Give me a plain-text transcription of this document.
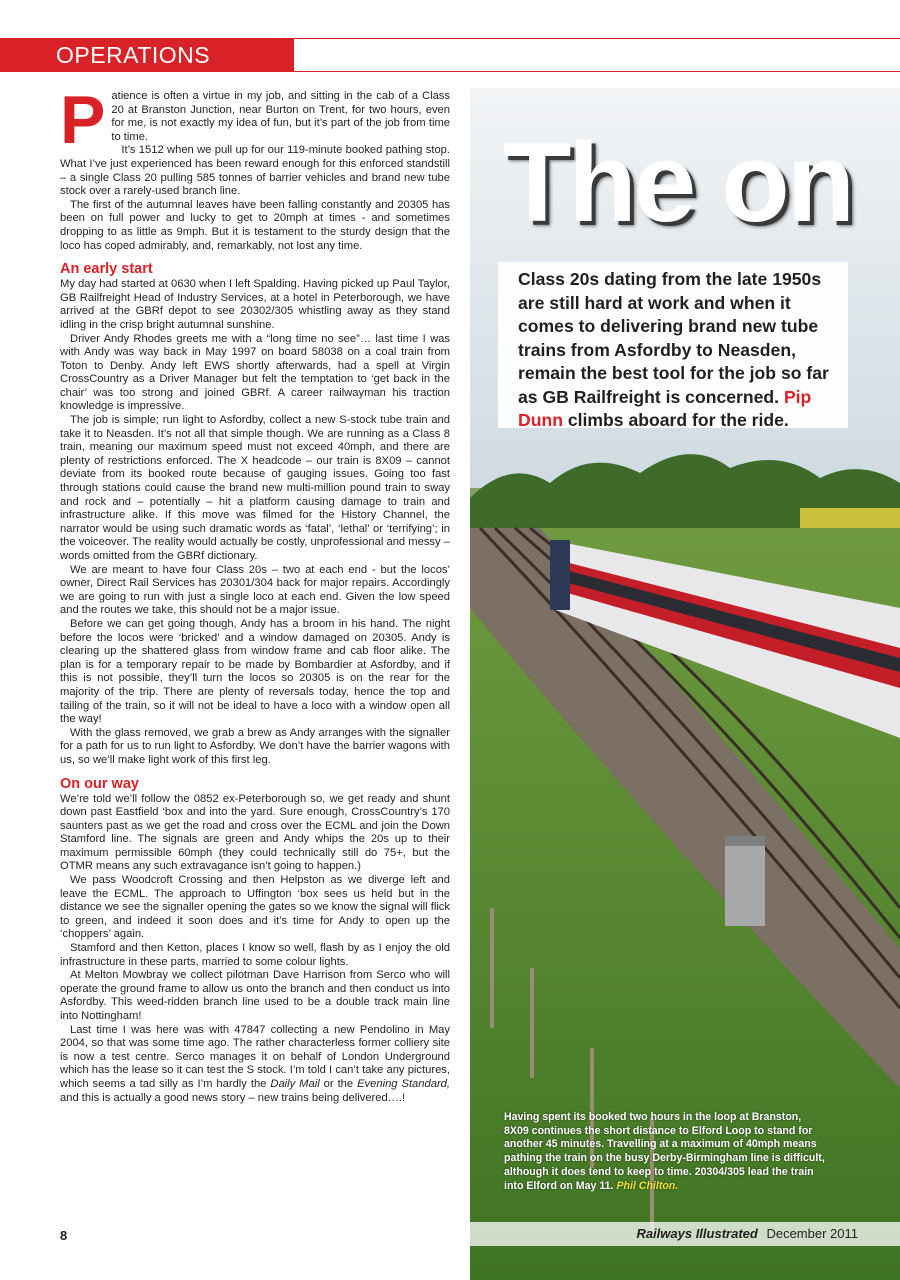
OPERATIONS
The on
Class 20s dating from the late 1950s are still hard at work and when it comes to delivering brand new tube trains from Asfordby to Neasden, remain the best tool for the job so far as GB Railfreight is concerned. Pip Dunn climbs aboard for the ride.
Having spent its booked two hours in the loop at Branston, 8X09 continues the short distance to Elford Loop to stand for another 45 minutes. Travelling at a maximum of 40mph means pathing the train on the busy Derby-Birmingham line is difficult, although it does tend to keep to time. 20304/305 lead the train into Elford on May 11. Phil Chilton.

Patience is often a virtue in my job, and sitting in the cab of a Class 20 at Branston Junction, near Burton on Trent, for two hours, even for me, is not exactly my idea of fun, but it’s part of the job from time to time.

It’s 1512 when we pull up for our 119-minute booked pathing stop. What I’ve just experienced has been reward enough for this enforced standstill – a single Class 20 pulling 585 tonnes of barrier vehicles and brand new tube stock over a rarely-used branch line.

The first of the autumnal leaves have been falling constantly and 20305 has been on full power and lucky to get to 20mph at times - and sometimes dropping to as little as 9mph. But it is testament to the sturdy design that the loco has coped admirably, and, remarkably, not lost any time.

An early start

My day had started at 0630 when I left Spalding. Having picked up Paul Taylor, GB Railfreight Head of Industry Services, at a hotel in Peterborough, we have arrived at the GBRf depot to see 20302/305 whistling away as they stand idling in the crisp bright autumnal sunshine.

Driver Andy Rhodes greets me with a “long time no see”… last time I was with Andy was way back in May 1997 on board 58038 on a coal train from Toton to Denby. Andy left EWS shortly afterwards, had a spell at Virgin CrossCountry as a Driver Manager but felt the temptation to ‘get back in the chair’ was too strong and joined GBRf. A career railwayman his traction knowledge is impressive.

The job is simple; run light to Asfordby, collect a new S-stock tube train and take it to Neasden. It’s not all that simple though. We are running as a Class 8 train, meaning our maximum speed must not exceed 40mph, and there are plenty of restrictions enforced. The X headcode – our train is 8X09 – cannot deviate from its booked route because of gauging issues. Going too fast through stations could cause the brand new multi-million pound train to sway and rock and – potentially – hit a platform causing damage to train and infrastructure alike. If this move was filmed for the History Channel, the narrator would be using such dramatic words as ‘fatal’, ‘lethal’ or ‘terrifying’; in the voiceover. The reality would actually be costly, unprofessional and messy – words omitted from the GBRf dictionary.

We are meant to have four Class 20s – two at each end - but the locos’ owner, Direct Rail Services has 20301/304 back for major repairs. Accordingly we are going to run with just a single loco at each end. Given the low speed and the routes we take, this should not be a major issue.

Before we can get going though, Andy has a broom in his hand. The night before the locos were ‘bricked’ and a window damaged on 20305. Andy is clearing up the shattered glass from window frame and cab floor alike. The plan is for a temporary repair to be made by Bombardier at Asfordby, and if this is not possible, they’ll turn the locos so 20305 is on the rear for the majority of the trip. There are plenty of reversals today, hence the top and tailing of the train, so it will not be ideal to have a loco with a window open all the way!

With the glass removed, we grab a brew as Andy arranges with the signaller for a path for us to run light to Asfordby. We don’t have the barrier wagons with us, so we’ll make light work of this first leg.

On our way

We’re told we’ll follow the 0852 ex-Peterborough so, we get ready and shunt down past Eastfield ‘box and into the yard. Sure enough, CrossCountry’s 170 saunters past as we get the road and cross over the ECML and join the Down Stamford line. The signals are green and Andy whips the 20s up to their maximum permissible 60mph (they could technically still do 75+, but the OTMR means any such extravagance isn’t going to happen.)

We pass Woodcroft Crossing and then Helpston as we diverge left and leave the ECML. The approach to Uffington ‘box sees us held but in the distance we see the signaller opening the gates so we know the signal will flick to green, and indeed it soon does and it’s time for Andy to open up the ‘choppers’ again.

Stamford and then Ketton, places I know so well, flash by as I enjoy the old infrastructure in these parts, married to some colour lights.

At Melton Mowbray we collect pilotman Dave Harrison from Serco who will operate the ground frame to allow us onto the branch and then conduct us into Asfordby. This weed-ridden branch line used to be a double track main line into Nottingham!

Last time I was here was with 47847 collecting a new Pendolino in May 2004, so that was some time ago. The rather characterless former colliery site is now a test centre. Serco manages it on behalf of London Underground which has the lease so it can test the S stock. I’m told I can’t take any pictures, which seems a tad silly as I’m hardly the Daily Mail or the Evening Standard, and this is actually a good news story – new trains being delivered….!

8	Railways Illustrated December 2011
